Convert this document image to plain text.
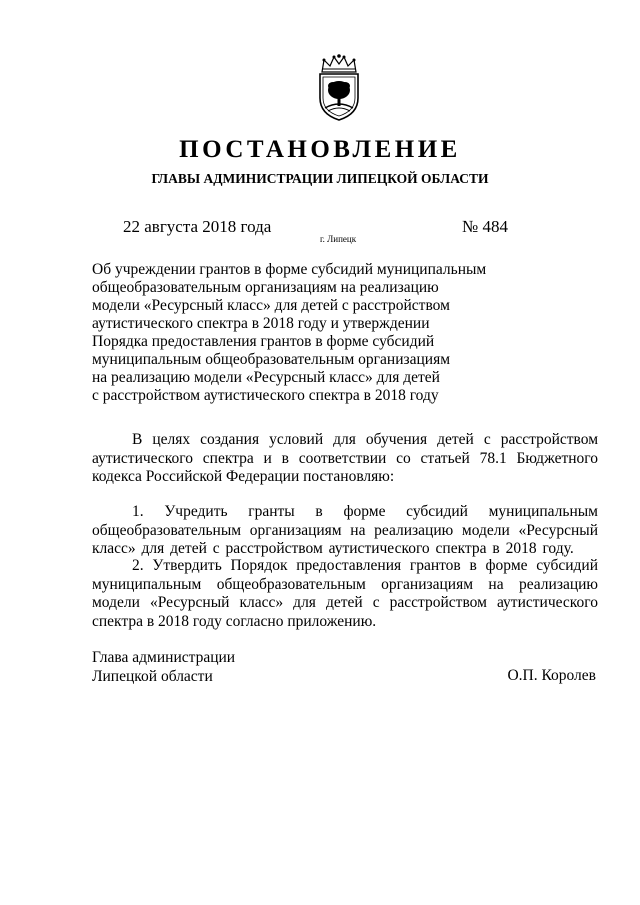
ПОСТАНОВЛЕНИЕ
ГЛАВЫ АДМИНИСТРАЦИИ ЛИПЕЦКОЙ ОБЛАСТИ
22 августа 2018 года
г. Липецк
№ 484
Об учреждении грантов в форме субсидий муниципальным
общеобразовательным организациям на реализацию
модели «Ресурсный класс» для детей с расстройством
аутистического спектра в 2018 году и утверждении
Порядка предоставления грантов в форме субсидий
муниципальным общеобразовательным организациям
на реализацию модели «Ресурсный класс» для детей
с расстройством аутистического спектра в 2018 году
В целях создания условий для обучения детей с расстройством аутистического спектра и в соответствии со статьей 78.1 Бюджетного кодекса Российской Федерации постановляю:
1. Учредить гранты в форме субсидий муниципальным общеобразовательным организациям на реализацию модели «Ресурсный класс» для детей с расстройством аутистического спектра в 2018 году.
2. Утвердить Порядок предоставления грантов в форме субсидий муниципальным общеобразовательным организациям на реализацию модели «Ресурсный класс» для детей с расстройством аутистического спектра в 2018 году согласно приложению.
Глава администрации
Липецкой области	О.П. Королев
